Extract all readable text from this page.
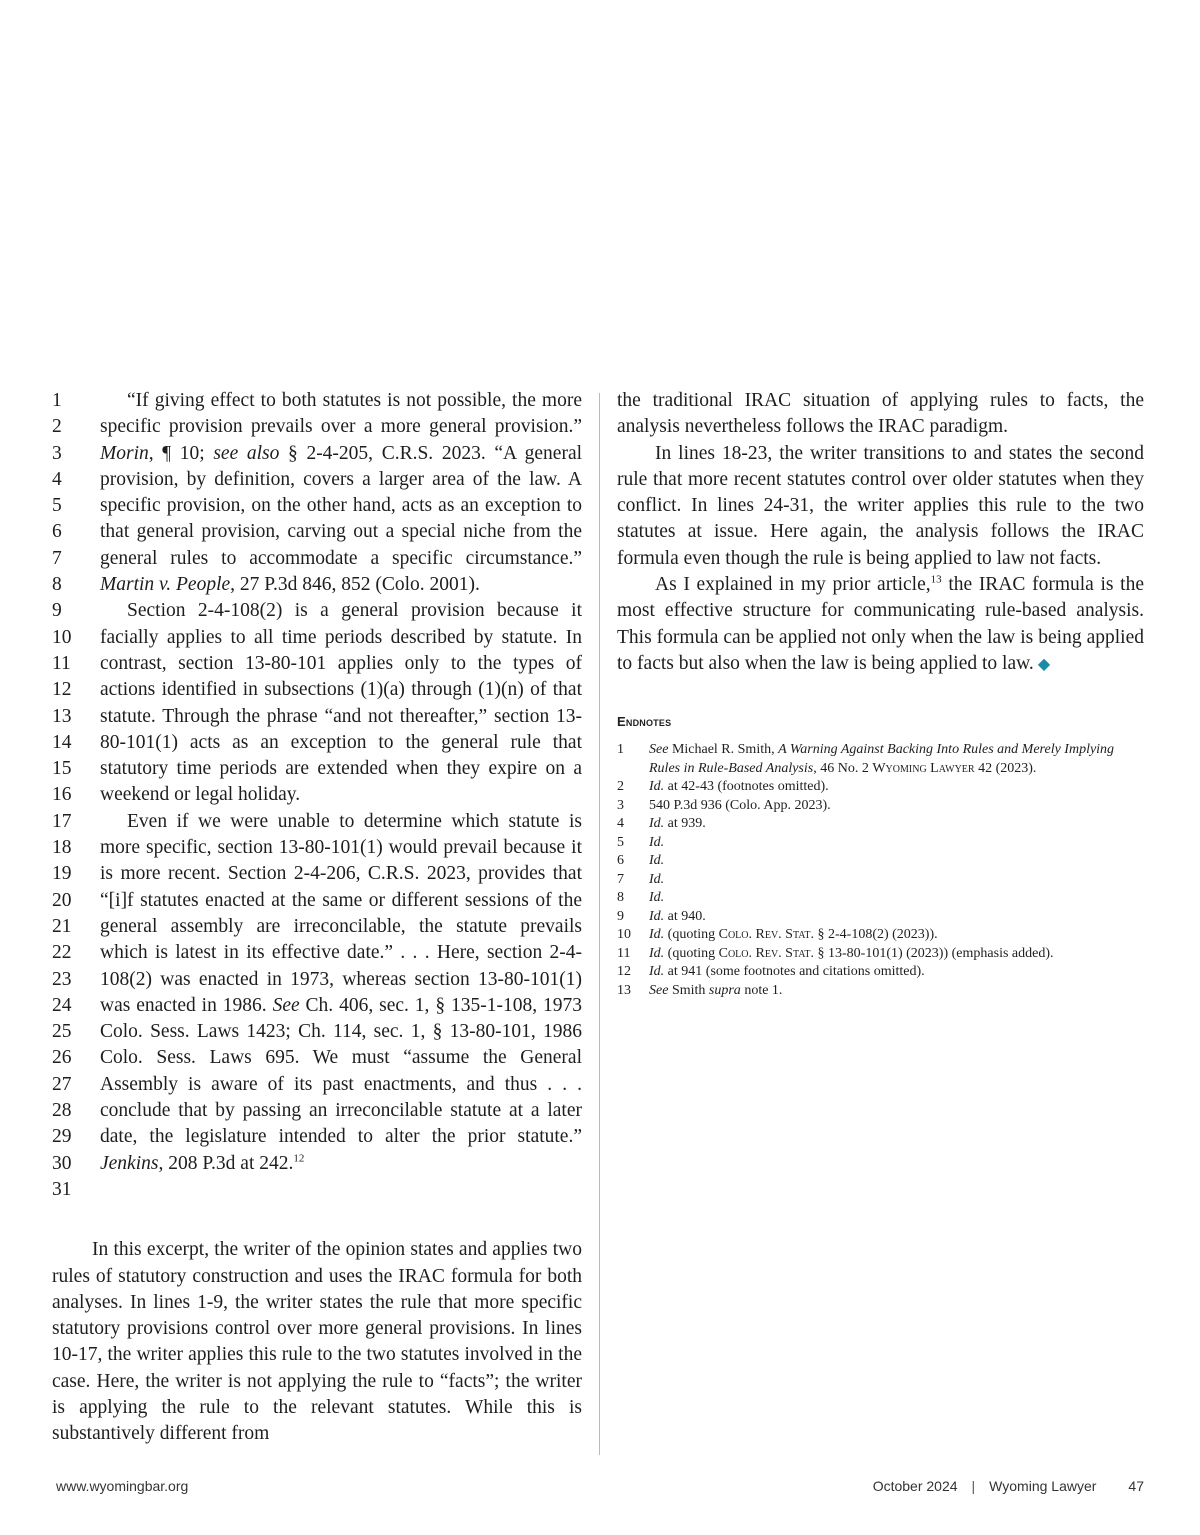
1
2
3
4
5
6
7
8
9
10
11
12
13
14
15
16
17
18
19
20
21
22
23
24
25
26
27
28
29
30
31

“If giving effect to both statutes is not possible, the more specific provision prevails over a more general provision.” Morin, ¶ 10; see also § 2-4-205, C.R.S. 2023. “A general provision, by definition, covers a larger area of the law. A specific provision, on the other hand, acts as an exception to that general provision, carving out a special niche from the general rules to accommodate a specific circumstance.” Martin v. People, 27 P.3d 846, 852 (Colo. 2001).

Section 2-4-108(2) is a general provision because it facially applies to all time periods described by statute. In contrast, section 13-80-101 applies only to the types of actions identified in subsections (1)(a) through (1)(n) of that statute. Through the phrase “and not thereafter,” section 13-80-101(1) acts as an exception to the general rule that statutory time periods are extended when they expire on a weekend or legal holiday.

Even if we were unable to determine which statute is more specific, section 13-80-101(1) would prevail because it is more recent. Section 2-4-206, C.R.S. 2023, provides that “[i]f statutes enacted at the same or different sessions of the general assembly are irreconcilable, the statute prevails which is latest in its effective date.” . . . Here, section 2-4-108(2) was enacted in 1973, whereas section 13-80-101(1) was enacted in 1986. See Ch. 406, sec. 1, § 135-1-108, 1973 Colo. Sess. Laws 1423; Ch. 114, sec. 1, § 13-80-101, 1986 Colo. Sess. Laws 695. We must “assume the General Assembly is aware of its past enactments, and thus . . . conclude that by passing an irreconcilable statute at a later date, the legislature intended to alter the prior statute.” Jenkins, 208 P.3d at 242.12

In this excerpt, the writer of the opinion states and applies two rules of statutory construction and uses the IRAC formula for both analyses. In lines 1-9, the writer states the rule that more specific statutory provisions control over more general provisions. In lines 10-17, the writer applies this rule to the two statutes involved in the case. Here, the writer is not applying the rule to “facts”; the writer is applying the rule to the relevant statutes. While this is substantively different from

the traditional IRAC situation of applying rules to facts, the analysis nevertheless follows the IRAC paradigm.

In lines 18-23, the writer transitions to and states the second rule that more recent statutes control over older statutes when they conflict. In lines 24-31, the writer applies this rule to the two statutes at issue. Here again, the analysis follows the IRAC formula even though the rule is being applied to law not facts.

As I explained in my prior article,$^{13}$ the IRAC formula is the most effective structure for communicating rule-based analysis. This formula can be applied not only when the law is being applied to facts but also when the law is being applied to law. ◆

Endnotes
1	See Michael R. Smith, A Warning Against Backing Into Rules and Merely Implying Rules in Rule-Based Analysis, 46 No. 2 Wyoming Lawyer 42 (2023).
2	Id. at 42-43 (footnotes omitted).
3	540 P.3d 936 (Colo. App. 2023).
4	Id. at 939.
5	Id.
6	Id.
7	Id.
8	Id.
9	Id. at 940.
10	Id. (quoting Colo. Rev. Stat. § 2-4-108(2) (2023)).
11	Id. (quoting Colo. Rev. Stat. § 13-80-101(1) (2023)) (emphasis added).
12	Id. at 941 (some footnotes and citations omitted).
13	See Smith supra note 1.
www.wyomingbar.org	October 2024 | Wyoming Lawyer 47
